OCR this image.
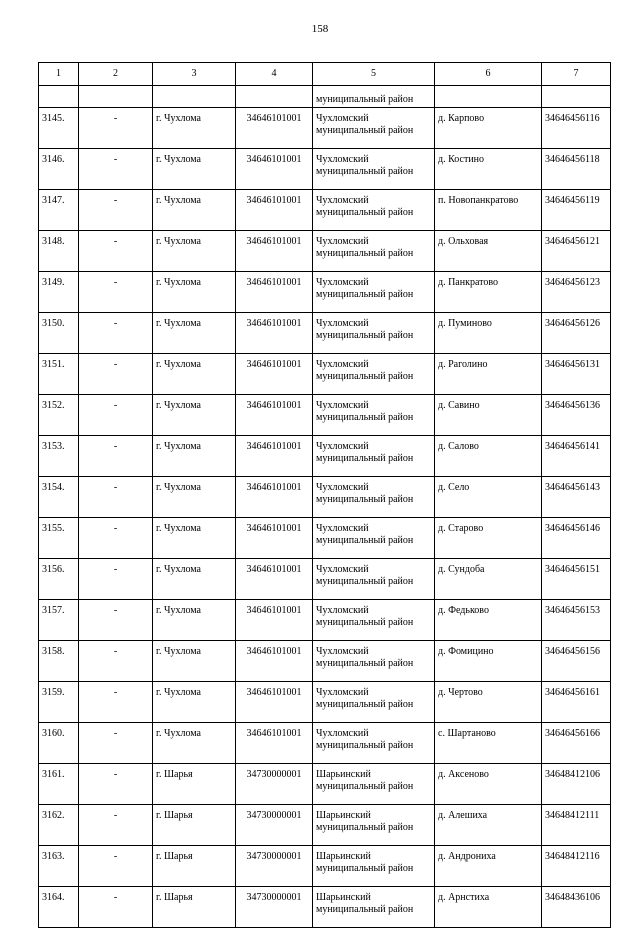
158
1	2	3	4	5	6	7
				муниципальный район		
3145.	-	г. Чухлома	34646101001	Чухломский
муниципальный район	д. Карпово	34646456116
3146.	-	г. Чухлома	34646101001	Чухломский
муниципальный район	д. Костино	34646456118
3147.	-	г. Чухлома	34646101001	Чухломский
муниципальный район	п. Новопанкратово	34646456119
3148.	-	г. Чухлома	34646101001	Чухломский
муниципальный район	д. Ольховая	34646456121
3149.	-	г. Чухлома	34646101001	Чухломский
муниципальный район	д. Панкратово	34646456123
3150.	-	г. Чухлома	34646101001	Чухломский
муниципальный район	д. Пуминово	34646456126
3151.	-	г. Чухлома	34646101001	Чухломский
муниципальный район	д. Раголино	34646456131
3152.	-	г. Чухлома	34646101001	Чухломский
муниципальный район	д. Савино	34646456136
3153.	-	г. Чухлома	34646101001	Чухломский
муниципальный район	д. Салово	34646456141
3154.	-	г. Чухлома	34646101001	Чухломский
муниципальный район	д. Село	34646456143
3155.	-	г. Чухлома	34646101001	Чухломский
муниципальный район	д. Старово	34646456146
3156.	-	г. Чухлома	34646101001	Чухломский
муниципальный район	д. Сундоба	34646456151
3157.	-	г. Чухлома	34646101001	Чухломский
муниципальный район	д. Федьково	34646456153
3158.	-	г. Чухлома	34646101001	Чухломский
муниципальный район	д. Фомицино	34646456156
3159.	-	г. Чухлома	34646101001	Чухломский
муниципальный район	д. Чертово	34646456161
3160.	-	г. Чухлома	34646101001	Чухломский
муниципальный район	с. Шартаново	34646456166
3161.	-	г. Шарья	34730000001	Шарьинский
муниципальный район	д. Аксеново	34648412106
3162.	-	г. Шарья	34730000001	Шарьинский
муниципальный район	д. Алешиха	34648412111
3163.	-	г. Шарья	34730000001	Шарьинский
муниципальный район	д. Андрониха	34648412116
3164.	-	г. Шарья	34730000001	Шарьинский
муниципальный район	д. Арнстиха	34648436106
